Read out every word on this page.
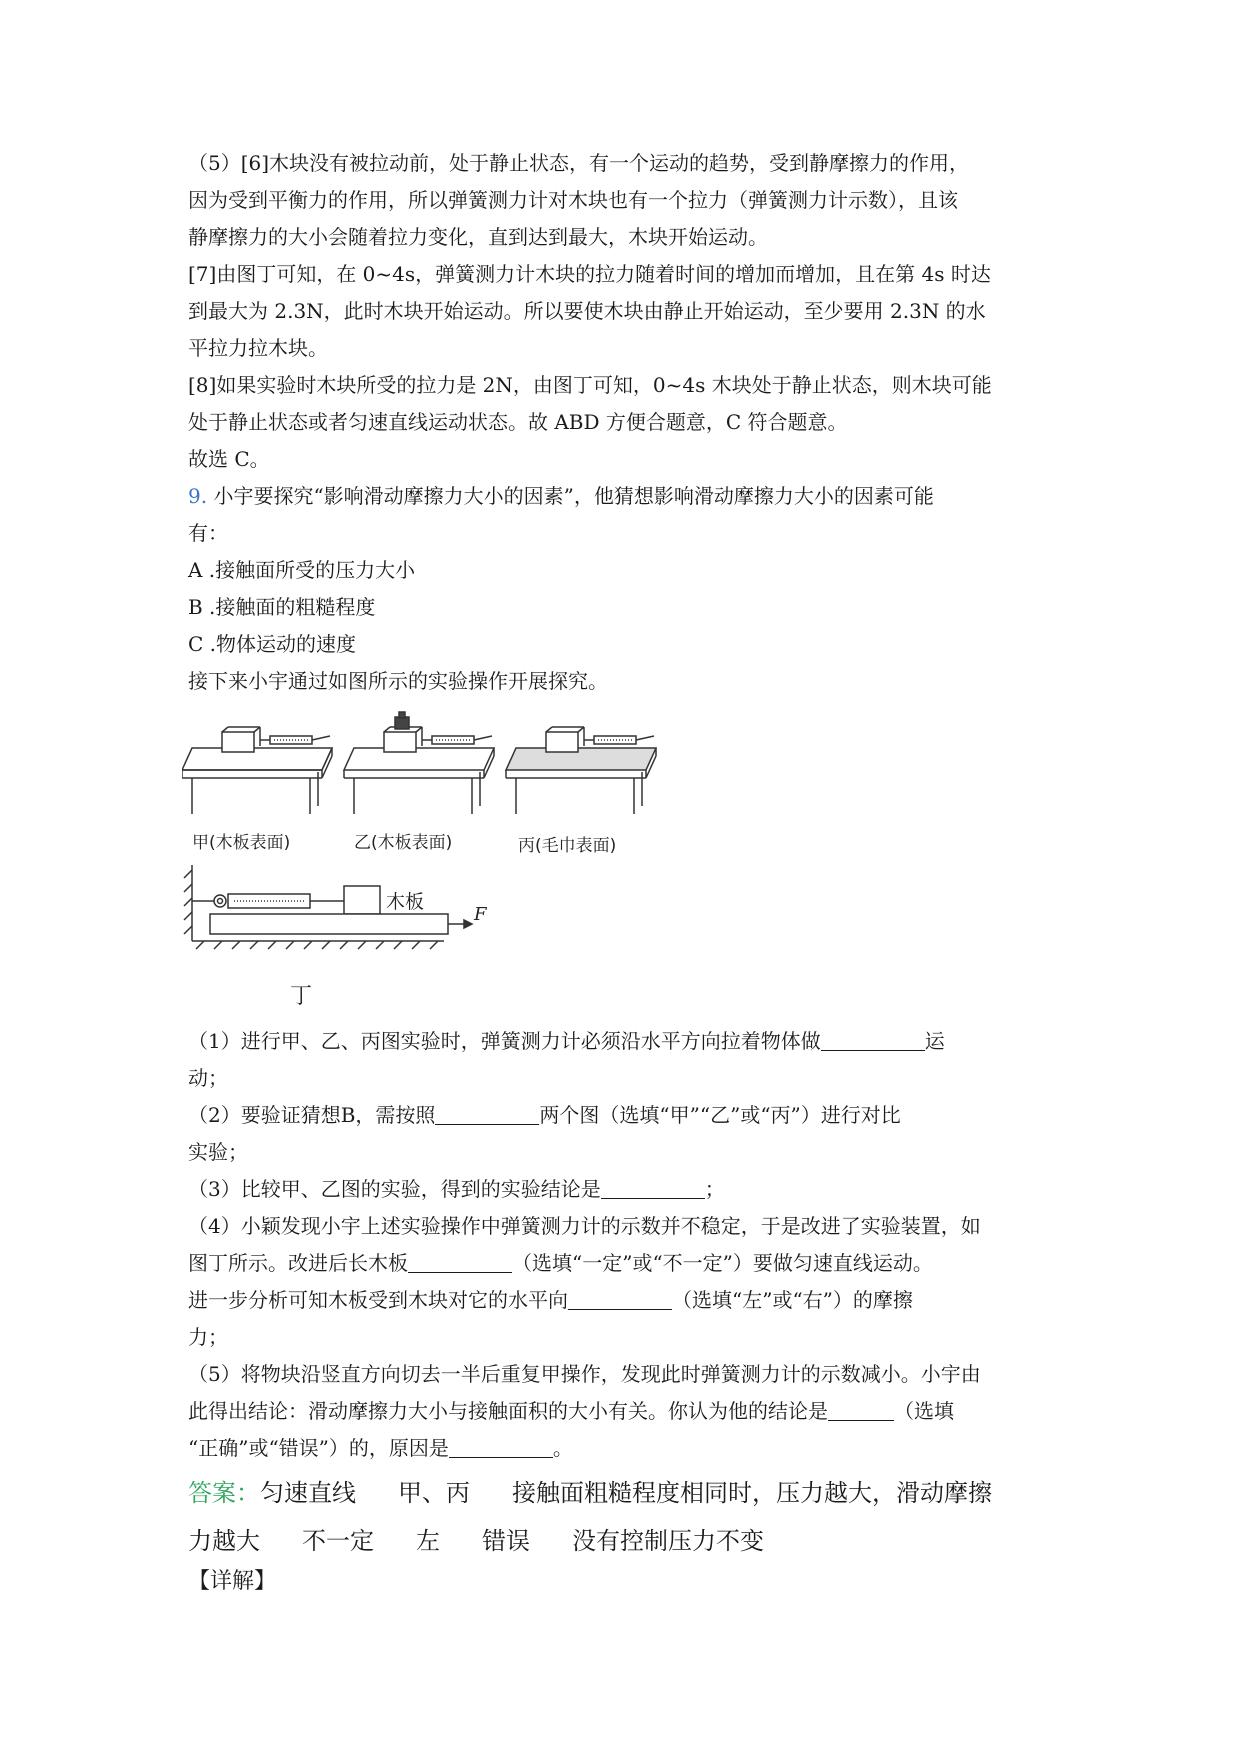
（5）[6]木块没有被拉动前，处于静止状态，有一个运动的趋势，受到静摩擦力的作用，

因为受到平衡力的作用，所以弹簧测力计对木块也有一个拉力（弹簧测力计示数），且该

静摩擦力的大小会随着拉力变化，直到达到最大，木块开始运动。

[7]由图丁可知，在 0~4s，弹簧测力计木块的拉力随着时间的增加而增加，且在第 4s 时达

到最大为 2.3N，此时木块开始运动。所以要使木块由静止开始运动，至少要用 2.3N 的水

平拉力拉木块。

[8]如果实验时木块所受的拉力是 2N，由图丁可知，0~4s 木块处于静止状态，则木块可能

处于静止状态或者匀速直线运动状态。故 ABD 方便合题意，C 符合题意。

故选 C。

9. 小宇要探究“影响滑动摩擦力大小的因素”，他猜想影响滑动摩擦力大小的因素可能

有：

A .接触面所受的压力大小

B .接触面的粗糙程度

C .物体运动的速度

接下来小宇通过如图所示的实验操作开展探究。

甲(木板表面)	乙(木板表面)	丙(毛巾表面)
木板
F
丁

（1）进行甲、乙、丙图实验时，弹簧测力计必须沿水平方向拉着物体做	运

动；

（2）要验证猜想B，需按照	两个图（选填“甲”“乙”或“丙”）进行对比

实验；

（3）比较甲、乙图的实验，得到的实验结论是	；

（4）小颖发现小宇上述实验操作中弹簧测力计的示数并不稳定，于是改进了实验装置，如

图丁所示。改进后长木板	（选填“一定”或“不一定”）要做匀速直线运动。

进一步分析可知木板受到木块对它的水平向	（选填“左”或“右”）的摩擦

力；

（5）将物块沿竖直方向切去一半后重复甲操作，发现此时弹簧测力计的示数减小。小宇由

此得出结论：滑动摩擦力大小与接触面积的大小有关。你认为他的结论是	（选填

“正确”或“错误”）的，原因是	。

答案：匀速直线 甲、丙 接触面粗糙程度相同时，压力越大，滑动摩擦

力越大 不一定 左 错误 没有控制压力不变

【详解】
